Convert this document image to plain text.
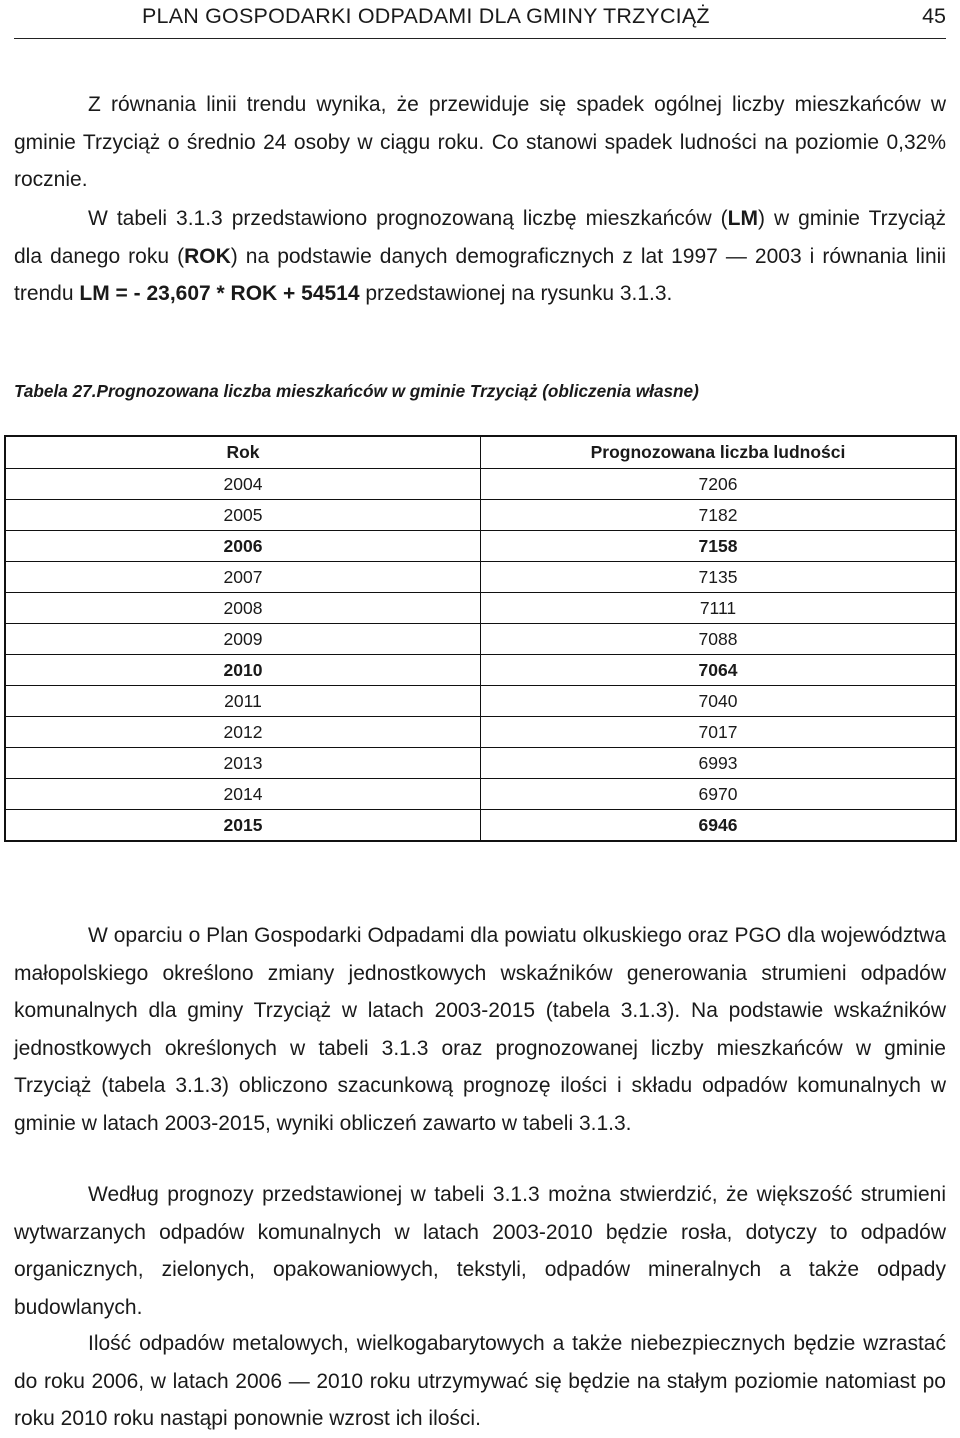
PLAN GOSPODARKI ODPADAMI DLA GMINY TRZYCIĄŻ	45

Z równania linii trendu wynika, że przewiduje się spadek ogólnej liczby mieszkańców w gminie Trzyciąż o średnio 24 osoby w ciągu roku. Co stanowi spadek ludności na poziomie 0,32% rocznie.

W tabeli 3.1.3 przedstawiono prognozowaną liczbę mieszkańców (LM) w gminie Trzyciąż dla danego roku (ROK) na podstawie danych demograficznych z lat 1997 — 2003 i równania linii trendu LM = - 23,607 * ROK + 54514 przedstawionej na rysunku 3.1.3.

Tabela 27.Prognozowana liczba mieszkańców w gminie Trzyciąż (obliczenia własne)

Rok	Prognozowana liczba ludności
2004	7206
2005	7182
2006	7158
2007	7135
2008	7111
2009	7088
2010	7064
2011	7040
2012	7017
2013	6993
2014	6970
2015	6946

W oparciu o Plan Gospodarki Odpadami dla powiatu olkuskiego oraz PGO dla województwa małopolskiego określono zmiany jednostkowych wskaźników generowania strumieni odpadów komunalnych dla gminy Trzyciąż w latach 2003-2015 (tabela 3.1.3). Na podstawie wskaźników jednostkowych określonych w tabeli 3.1.3 oraz prognozowanej liczby mieszkańców w gminie Trzyciąż (tabela 3.1.3) obliczono szacunkową prognozę ilości i składu odpadów komunalnych w gminie w latach 2003-2015, wyniki obliczeń zawarto w tabeli 3.1.3.

Według prognozy przedstawionej w tabeli 3.1.3 można stwierdzić, że większość strumieni wytwarzanych odpadów komunalnych w latach 2003-2010 będzie rosła, dotyczy to odpadów organicznych, zielonych, opakowaniowych, tekstyli, odpadów mineralnych a także odpady budowlanych.

Ilość odpadów metalowych, wielkogabarytowych a także niebezpiecznych będzie wzrastać do roku 2006, w latach 2006 — 2010 roku utrzymywać się będzie na stałym poziomie natomiast po roku 2010 roku nastąpi ponownie wzrost ich ilości.
